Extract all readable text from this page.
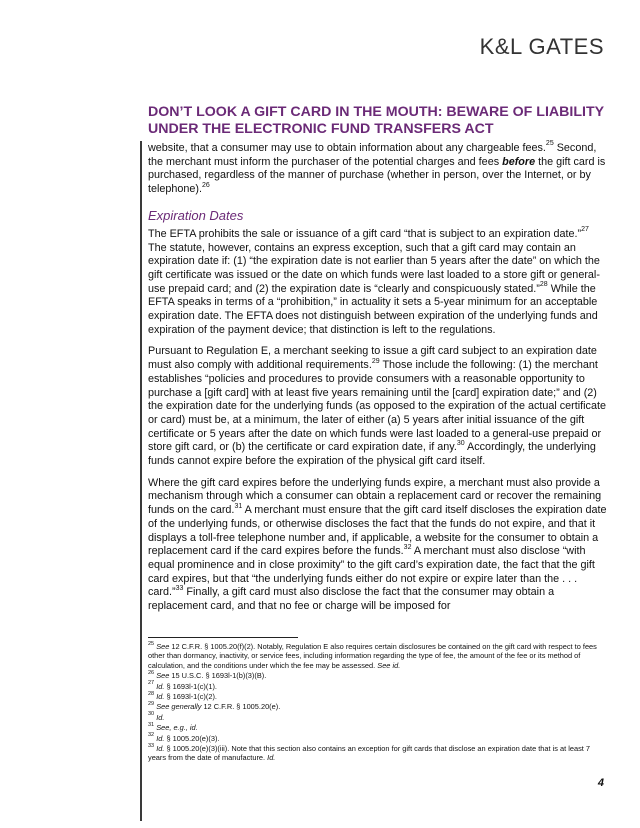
K&L GATES
DON’T LOOK A GIFT CARD IN THE MOUTH: BEWARE OF LIABILITY UNDER THE ELECTRONIC FUND TRANSFERS ACT

website, that a consumer may use to obtain information about any chargeable fees.$^{25}$ Second, the merchant must inform the purchaser of the potential charges and fees before the gift card is purchased, regardless of the manner of purchase (whether in person, over the Internet, or by telephone).$^{26}$

Expiration Dates

The EFTA prohibits the sale or issuance of a gift card “that is subject to an expiration date.”$^{27}$ The statute, however, contains an express exception, such that a gift card may contain an expiration date if: (1) “the expiration date is not earlier than 5 years after the date” on which the gift certificate was issued or the date on which funds were last loaded to a store gift or general-use prepaid card; and (2) the expiration date is “clearly and conspicuously stated.”$^{28}$ While the EFTA speaks in terms of a “prohibition,” in actuality it sets a 5-year minimum for an acceptable expiration date. The EFTA does not distinguish between expiration of the underlying funds and expiration of the payment device; that distinction is left to the regulations.

Pursuant to Regulation E, a merchant seeking to issue a gift card subject to an expiration date must also comply with additional requirements.$^{29}$ Those include the following: (1) the merchant establishes “policies and procedures to provide consumers with a reasonable opportunity to purchase a [gift card] with at least five years remaining until the [card] expiration date;” and (2) the expiration date for the underlying funds (as opposed to the expiration of the actual certificate or card) must be, at a minimum, the later of either (a) 5 years after initial issuance of the gift certificate or 5 years after the date on which funds were last loaded to a general-use prepaid or store gift card, or (b) the certificate or card expiration date, if any.$^{30}$ Accordingly, the underlying funds cannot expire before the expiration of the physical gift card itself.

Where the gift card expires before the underlying funds expire, a merchant must also provide a mechanism through which a consumer can obtain a replacement card or recover the remaining funds on the card.$^{31}$ A merchant must ensure that the gift card itself discloses the expiration date of the underlying funds, or otherwise discloses the fact that the funds do not expire, and that it displays a toll-free telephone number and, if applicable, a website for the consumer to obtain a replacement card if the card expires before the funds.$^{32}$ A merchant must also disclose “with equal prominence and in close proximity” to the gift card’s expiration date, the fact that the gift card expires, but that “the underlying funds either do not expire or expire later than the . . . card.”$^{33}$ Finally, a gift card must also disclose the fact that the consumer may obtain a replacement card, and that no fee or charge will be imposed for

$^{25}$ See 12 C.F.R. § 1005.20(f)(2). Notably, Regulation E also requires certain disclosures be contained on the gift card with respect to fees other than dormancy, inactivity, or service fees, including information regarding the type of fee, the amount of the fee or its method of calculation, and the conditions under which the fee may be assessed. See id.
$^{26}$ See 15 U.S.C. § 1693l-1(b)(3)(B).
$^{27}$ Id. § 1693l-1(c)(1).
$^{28}$ Id. § 1693l-1(c)(2).
$^{29}$ See generally 12 C.F.R. § 1005.20(e).
$^{30}$ Id.
$^{31}$ See, e.g., id.
$^{32}$ Id. § 1005.20(e)(3).
$^{33}$ Id. § 1005.20(e)(3)(iii). Note that this section also contains an exception for gift cards that disclose an expiration date that is at least 7 years from the date of manufacture. Id.
4
